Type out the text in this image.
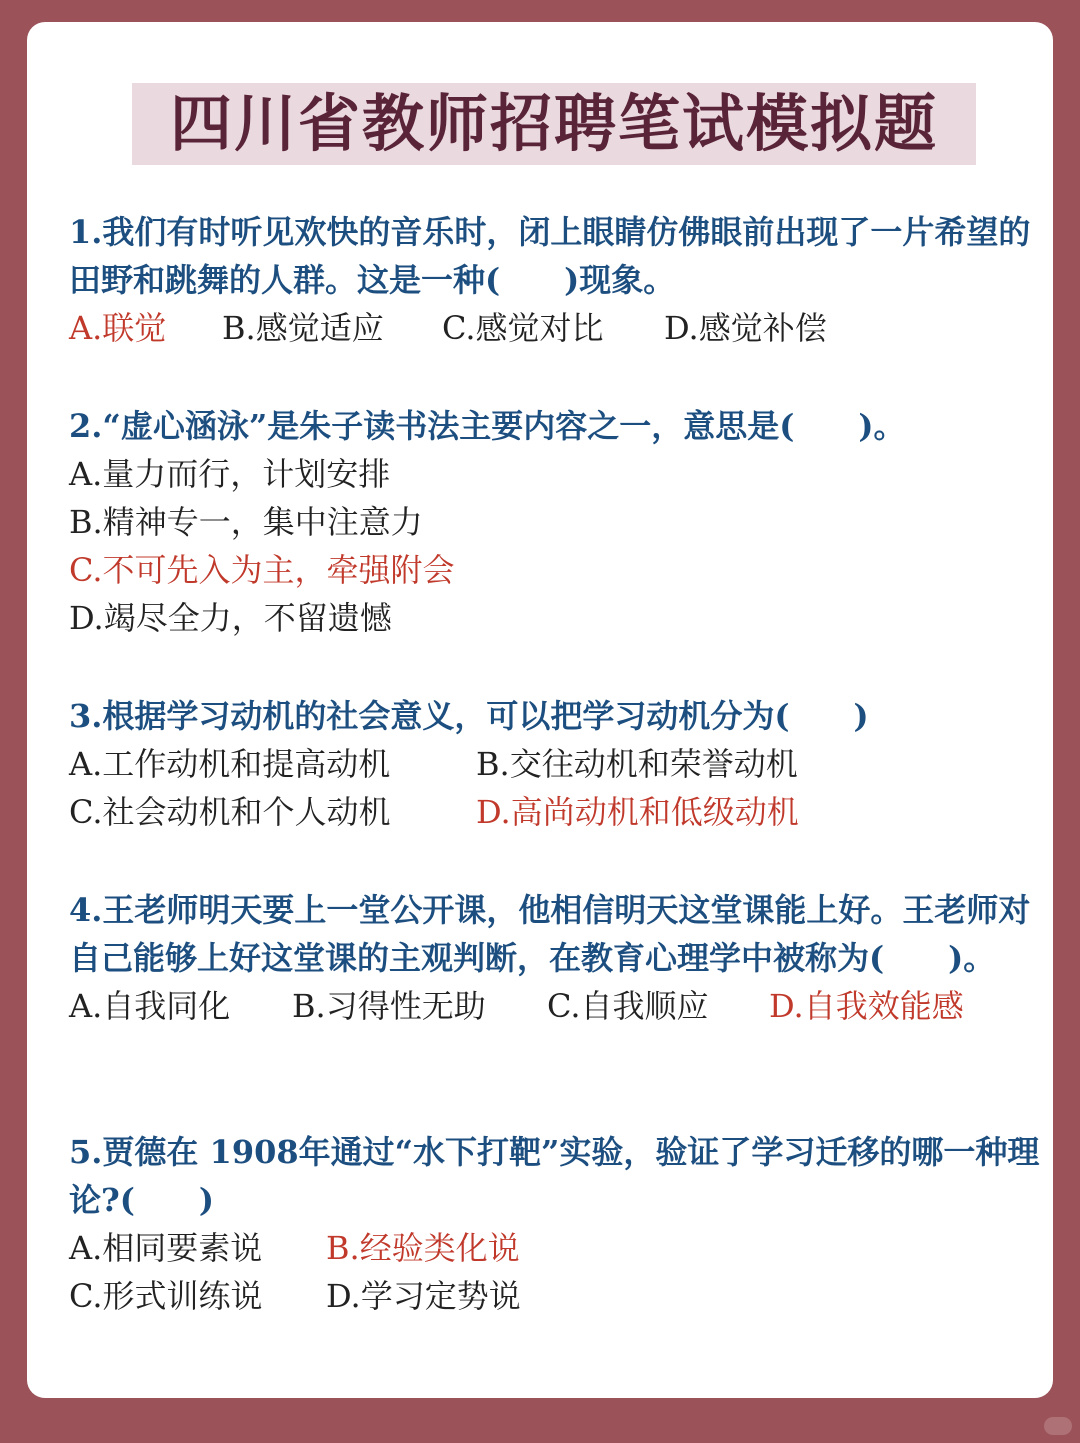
四川省教师招聘笔试模拟题

1.我们有时听见欢快的音乐时，闭上眼睛仿佛眼前出现了一片希望的田野和跳舞的人群。这是一种(　　)现象。

A.联觉 B.感觉适应 C.感觉对比 D.感觉补偿

2.“虚心涵泳”是朱子读书法主要内容之一，意思是(　　)。

A.量力而行，计划安排
B.精神专一，集中注意力
C.不可先入为主，牵强附会
D.竭尽全力，不留遗憾

3.根据学习动机的社会意义，可以把学习动机分为(　　)

A.工作动机和提高动机	B.交往动机和荣誉动机
C.社会动机和个人动机	D.高尚动机和低级动机

4.王老师明天要上一堂公开课，他相信明天这堂课能上好。王老师对自己能够上好这堂课的主观判断，在教育心理学中被称为(　　)。

A.自我同化 B.习得性无助 C.自我顺应 D.自我效能感

5.贾德在 1908年通过“水下打靶”实验，验证了学习迁移的哪一种理论?(　　)

A.相同要素说 B.经验类化说
C.形式训练说 D.学习定势说
